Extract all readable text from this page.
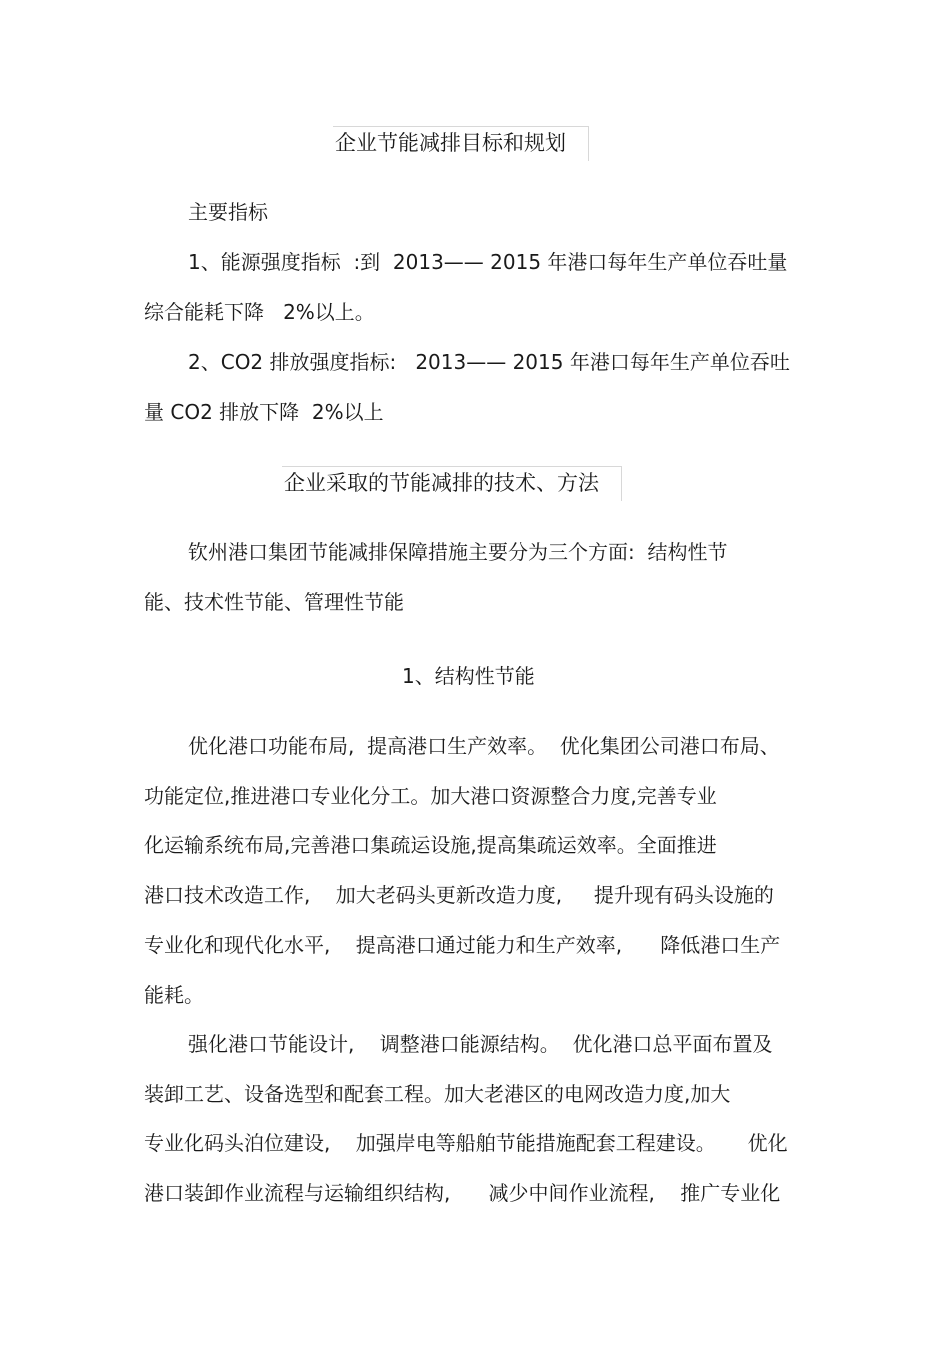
企业节能减排目标和规划
主要指标
1、能源强度指标  :到  2013—— 2015 年港口每年生产单位吞吐量
综合能耗下降   2%以上。
2、CO2 排放强度指标:   2013—— 2015 年港口每年生产单位吞吐
量 CO2 排放下降  2%以上
企业采取的节能减排的技术、方法
钦州港口集团节能减排保障措施主要分为三个方面:  结构性节
能、技术性节能、管理性节能
1、结构性节能
优化港口功能布局,  提高港口生产效率。  优化集团公司港口布局、
功能定位,推进港口专业化分工。加大港口资源整合力度,完善专业
化运输系统布局,完善港口集疏运设施,提高集疏运效率。全面推进
港口技术改造工作,    加大老码头更新改造力度,     提升现有码头设施的
专业化和现代化水平,    提高港口通过能力和生产效率,      降低港口生产
能耗。
强化港口节能设计,    调整港口能源结构。  优化港口总平面布置及
装卸工艺、设备选型和配套工程。加大老港区的电网改造力度,加大
专业化码头泊位建设,    加强岸电等船舶节能措施配套工程建设。     优化
港口装卸作业流程与运输组织结构,      减少中间作业流程,    推广专业化
